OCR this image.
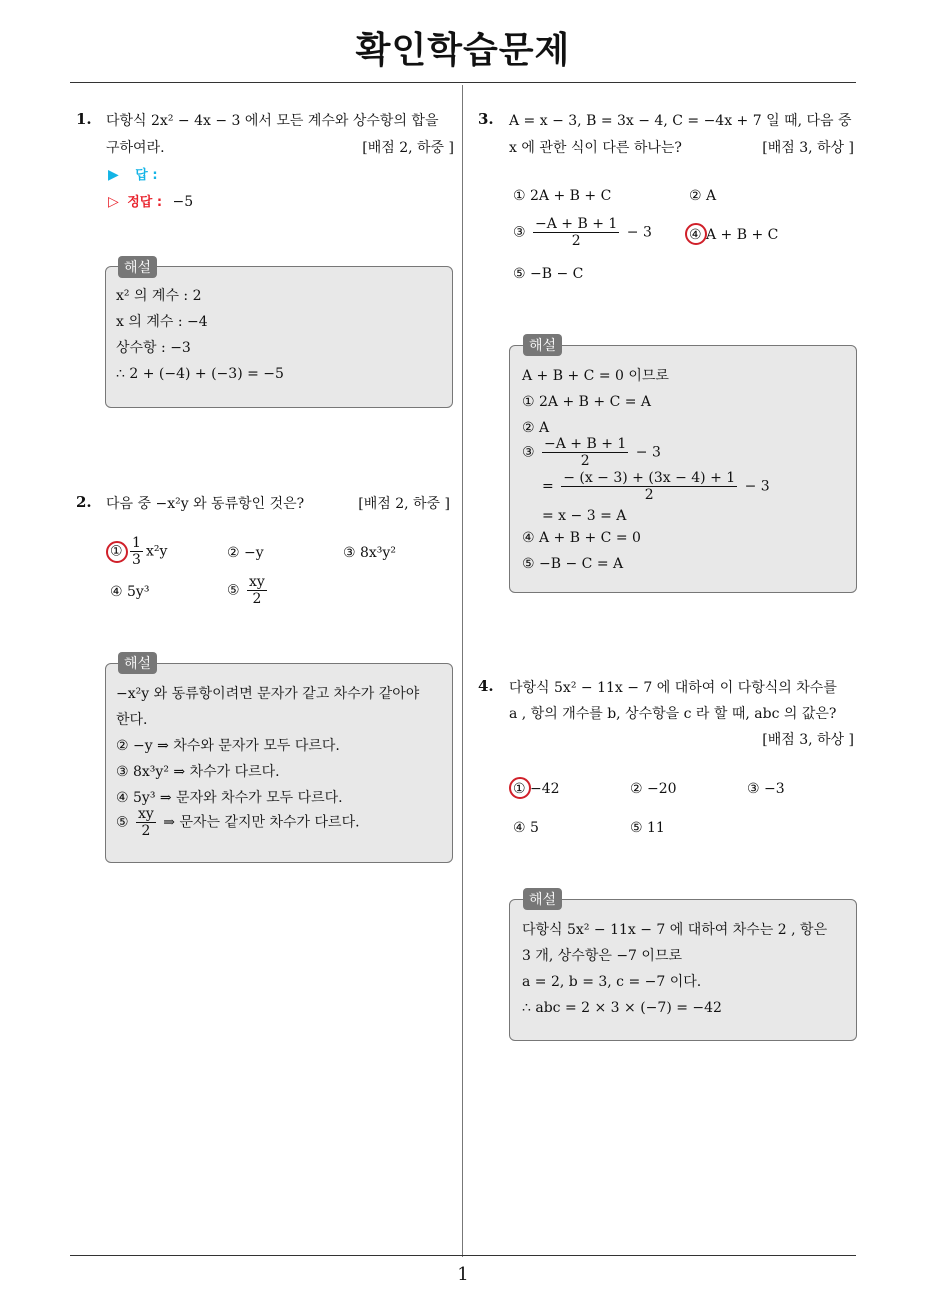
확인학습문제
1
1. 다항식 2x² − 4x − 3 에서 모든 계수와 상수항의 합을
구하여라.	[배점 2, 하중 ]
▶ 답 :
▷ 정답 : −5
x² 의 계수 : 2
x 의 계수 : −4
상수항 : −3
∴ 2 + (−4) + (−3) = −5
해설
2. 다음 중 −x²y 와 동류항인 것은?	[배점 2, 하중 ]
① $\frac{1}{3} x^2y$	② −y	③ 8x³y²
④ 5y³	⑤ $\frac{xy}{2}$
−x²y 와 동류항이려면 문자가 같고 차수가 같아야
한다.
② −y ⇒ 차수와 문자가 모두 다르다.
③ 8x³y² ⇒ 차수가 다르다.
④ 5y³ ⇒ 문자와 차수가 모두 다르다.
⑤ $\frac{xy}{2}$ ⇒ 문자는 같지만 차수가 다르다.
해설
3. A = x − 3, B = 3x − 4, C = −4x + 7 일 때, 다음 중
x 에 관한 식이 다른 하나는?	[배점 3, 하상 ]
① 2A + B + C	② A
③ $\frac{-A + B + 1}{2} - 3$	④ A + B + C
⑤ −B − C
A + B + C = 0 이므로
① 2A + B + C = A
② A
③ $\frac{-A + B + 1}{2} - 3$
= $\frac{- (x - 3) + (3x - 4) + 1}{2} - 3$
= x − 3 = A
④ A + B + C = 0
⑤ −B − C = A
해설
4. 다항식 5x² − 11x − 7 에 대하여 이 다항식의 차수를
a , 항의 개수를 b, 상수항을 c 라 할 때, abc 의 값은?
[배점 3, 하상 ]
① −42	② −20	③ −3
④ 5	⑤ 11
다항식 5x² − 11x − 7 에 대하여 차수는 2 , 항은
3 개, 상수항은 −7 이므로
a = 2, b = 3, c = −7 이다.
∴ abc = 2 × 3 × (−7) = −42
해설
